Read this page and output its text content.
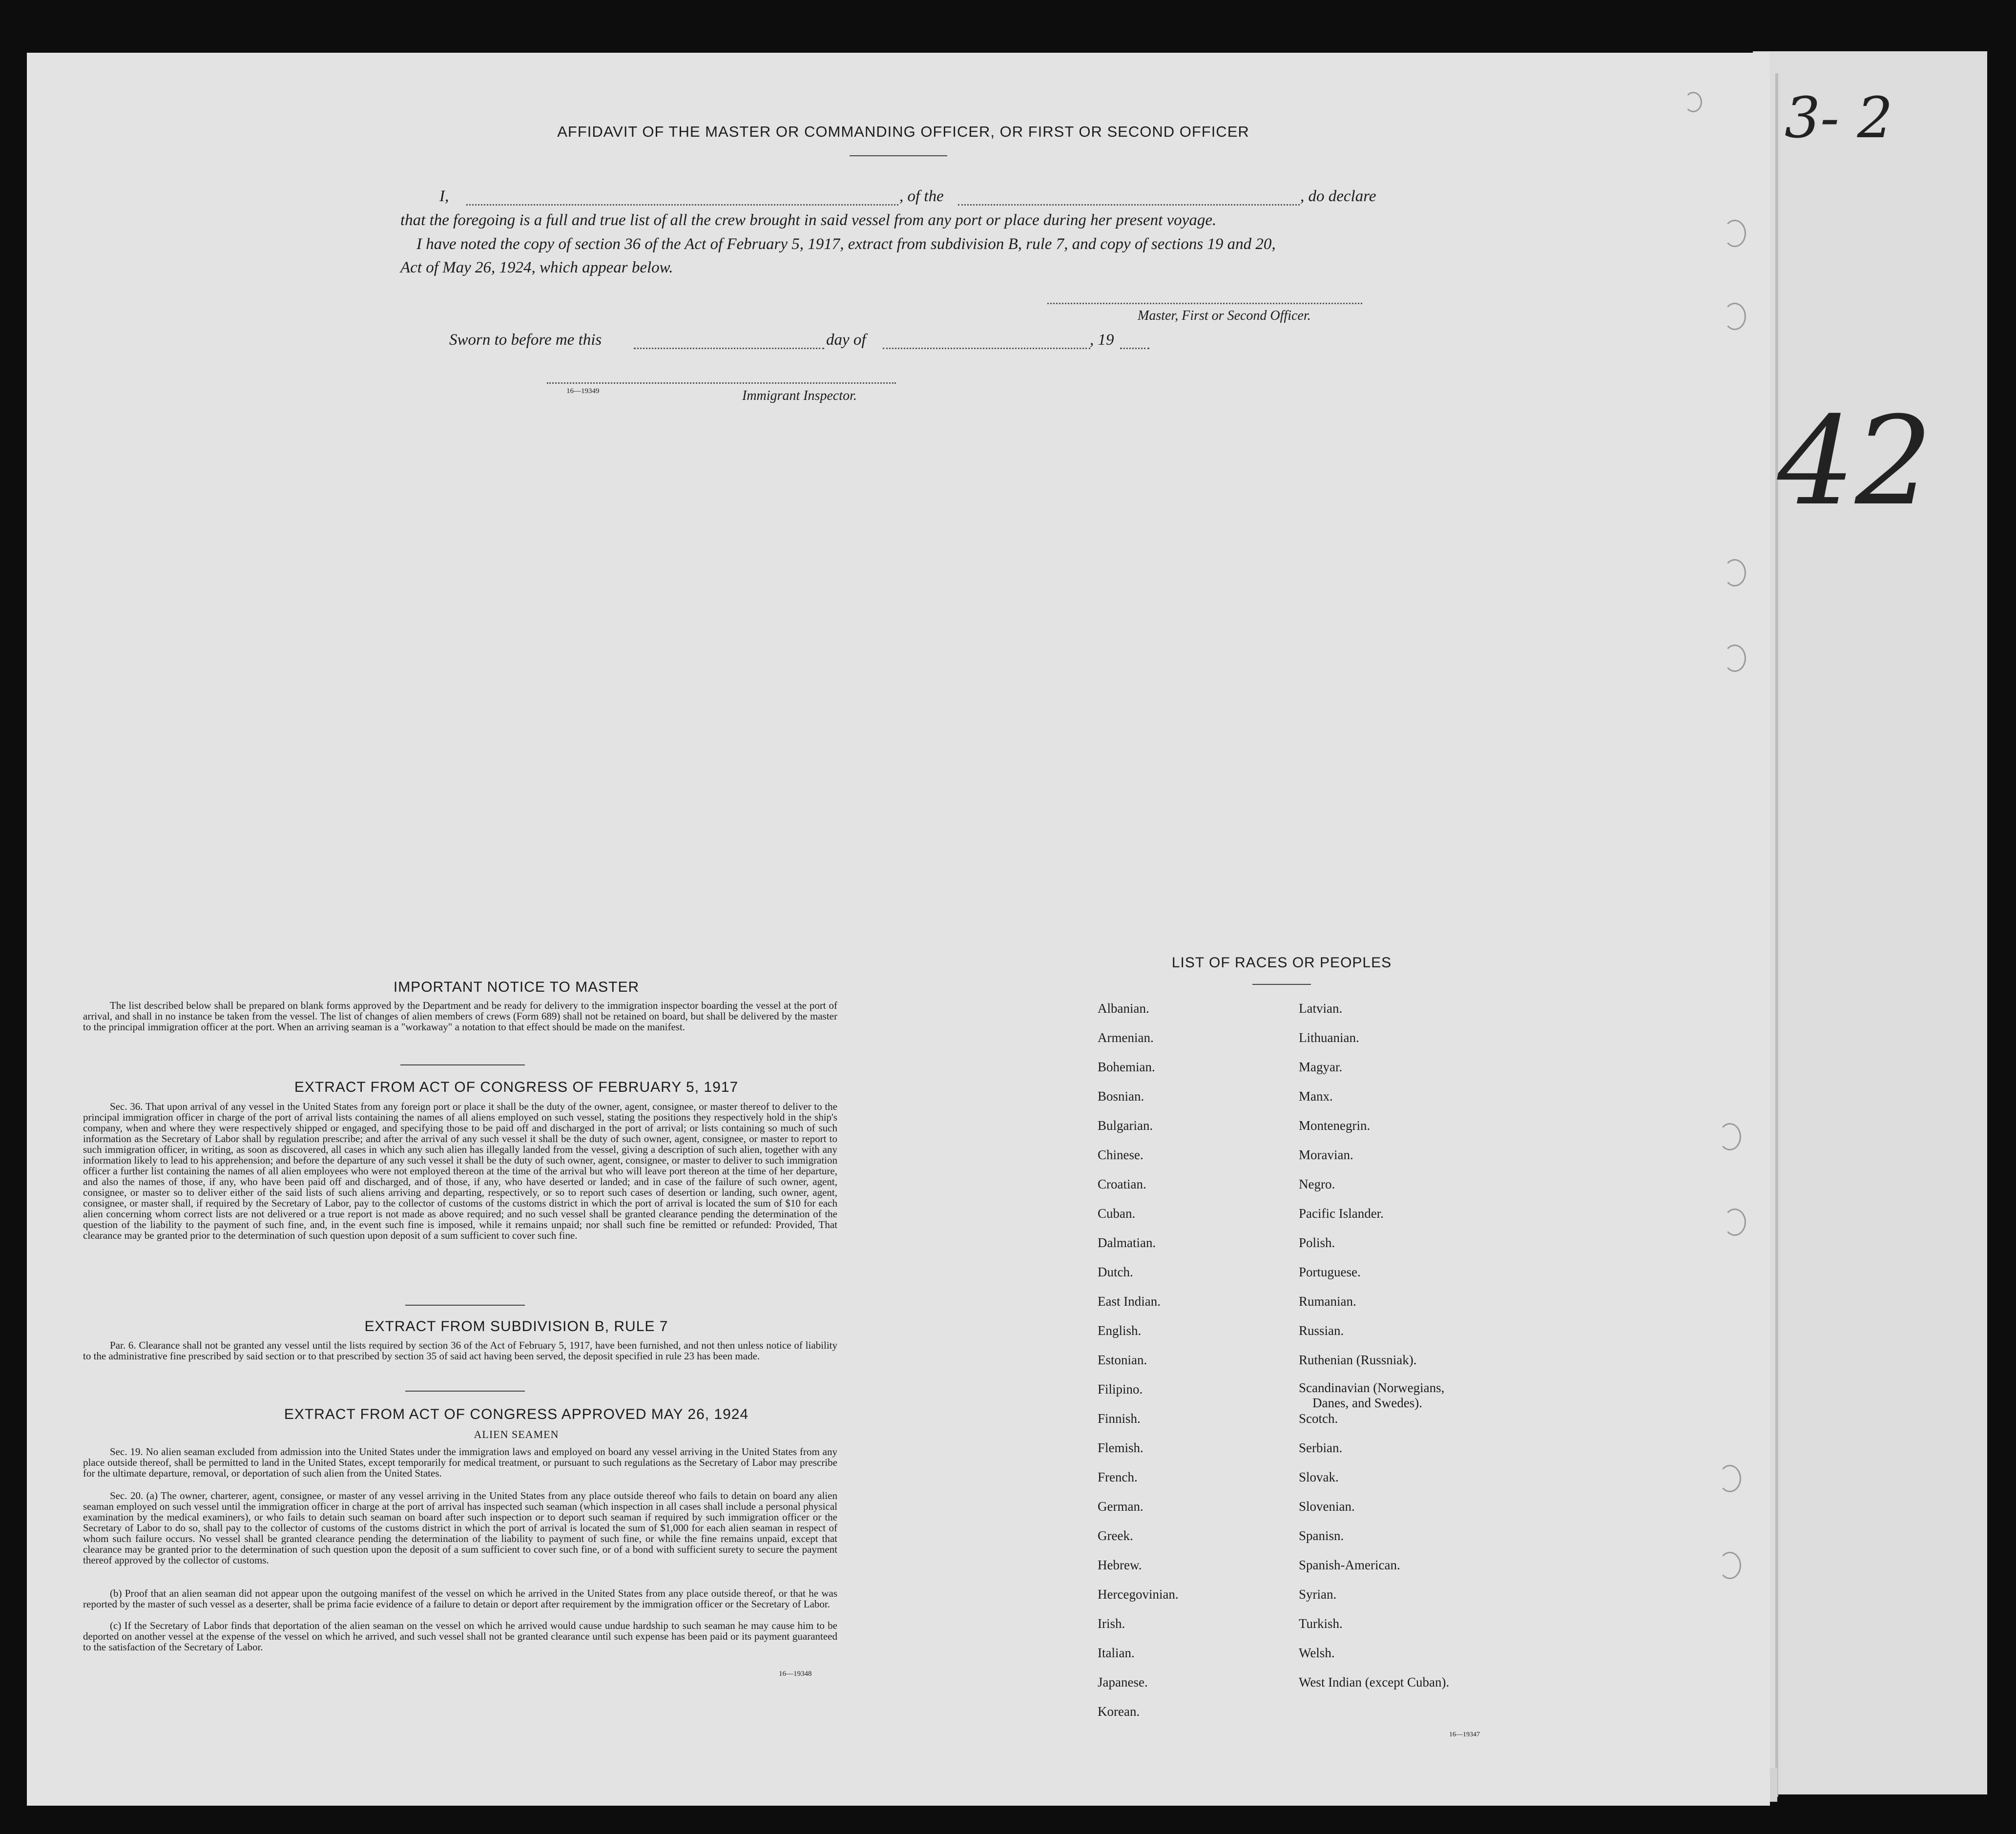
AFFIDAVIT OF THE MASTER OR COMMANDING OFFICER, OR FIRST OR SECOND OFFICER
I,	, of the	, do declare
that the foregoing is a full and true list of all the crew brought in said vessel from any port or place during her present voyage.
I have noted the copy of section 36 of the Act of February 5, 1917, extract from subdivision B, rule 7, and copy of sections 19 and 20,
Act of May 26, 1924, which appear below.
Master, First or Second Officer.
Sworn to before me this	day of	, 19
16—19349	Immigrant Inspector.
IMPORTANT NOTICE TO MASTER
The list described below shall be prepared on blank forms approved by the Department and be ready for delivery to the immigration inspector boarding the vessel at the port of arrival, and shall in no instance be taken from the vessel. The list of changes of alien members of crews (Form 689) shall not be retained on board, but shall be delivered by the master to the principal immigration officer at the port. When an arriving seaman is a "workaway" a notation to that effect should be made on the manifest.
EXTRACT FROM ACT OF CONGRESS OF FEBRUARY 5, 1917
Sec. 36. That upon arrival of any vessel in the United States from any foreign port or place it shall be the duty of the owner, agent, consignee, or master thereof to deliver to the principal immigration officer in charge of the port of arrival lists containing the names of all aliens employed on such vessel, stating the positions they respectively hold in the ship's company, when and where they were respectively shipped or engaged, and specifying those to be paid off and discharged in the port of arrival; or lists containing so much of such information as the Secretary of Labor shall by regulation prescribe; and after the arrival of any such vessel it shall be the duty of such owner, agent, consignee, or master to report to such immigration officer, in writing, as soon as discovered, all cases in which any such alien has illegally landed from the vessel, giving a description of such alien, together with any information likely to lead to his apprehension; and before the departure of any such vessel it shall be the duty of such owner, agent, consignee, or master to deliver to such immigration officer a further list containing the names of all alien employees who were not employed thereon at the time of the arrival but who will leave port thereon at the time of her departure, and also the names of those, if any, who have been paid off and discharged, and of those, if any, who have deserted or landed; and in case of the failure of such owner, agent, consignee, or master so to deliver either of the said lists of such aliens arriving and departing, respectively, or so to report such cases of desertion or landing, such owner, agent, consignee, or master shall, if required by the Secretary of Labor, pay to the collector of customs of the customs district in which the port of arrival is located the sum of $10 for each alien concerning whom correct lists are not delivered or a true report is not made as above required; and no such vessel shall be granted clearance pending the determination of the question of the liability to the payment of such fine, and, in the event such fine is imposed, while it remains unpaid; nor shall such fine be remitted or refunded: Provided, That clearance may be granted prior to the determination of such question upon deposit of a sum sufficient to cover such fine.
EXTRACT FROM SUBDIVISION B, RULE 7
Par. 6. Clearance shall not be granted any vessel until the lists required by section 36 of the Act of February 5, 1917, have been furnished, and not then unless notice of liability to the administrative fine prescribed by said section or to that prescribed by section 35 of said act having been served, the deposit specified in rule 23 has been made.
EXTRACT FROM ACT OF CONGRESS APPROVED MAY 26, 1924
ALIEN SEAMEN
Sec. 19. No alien seaman excluded from admission into the United States under the immigration laws and employed on board any vessel arriving in the United States from any place outside thereof, shall be permitted to land in the United States, except temporarily for medical treatment, or pursuant to such regulations as the Secretary of Labor may prescribe for the ultimate departure, removal, or deportation of such alien from the United States.
Sec. 20. (a) The owner, charterer, agent, consignee, or master of any vessel arriving in the United States from any place outside thereof who fails to detain on board any alien seaman employed on such vessel until the immigration officer in charge at the port of arrival has inspected such seaman (which inspection in all cases shall include a personal physical examination by the medical examiners), or who fails to detain such seaman on board after such inspection or to deport such seaman if required by such immigration officer or the Secretary of Labor to do so, shall pay to the collector of customs of the customs district in which the port of arrival is located the sum of $1,000 for each alien seaman in respect of whom such failure occurs. No vessel shall be granted clearance pending the determination of the liability to payment of such fine, or while the fine remains unpaid, except that clearance may be granted prior to the determination of such question upon the deposit of a sum sufficient to cover such fine, or of a bond with sufficient surety to secure the payment thereof approved by the collector of customs.
(b) Proof that an alien seaman did not appear upon the outgoing manifest of the vessel on which he arrived in the United States from any place outside thereof, or that he was reported by the master of such vessel as a deserter, shall be prima facie evidence of a failure to detain or deport after requirement by the immigration officer or the Secretary of Labor.
(c) If the Secretary of Labor finds that deportation of the alien seaman on the vessel on which he arrived would cause undue hardship to such seaman he may cause him to be deported on another vessel at the expense of the vessel on which he arrived, and such vessel shall not be granted clearance until such expense has been paid or its payment guaranteed to the satisfaction of the Secretary of Labor.
16—19348
LIST OF RACES OR PEOPLES
Albanian.
Armenian.
Bohemian.
Bosnian.
Bulgarian.
Chinese.
Croatian.
Cuban.
Dalmatian.
Dutch.
East Indian.
English.
Estonian.
Filipino.
Finnish.
Flemish.
French.
German.
Greek.
Hebrew.
Hercegovinian.
Irish.
Italian.
Japanese.
Korean.
Latvian.
Lithuanian.
Magyar.
Manx.
Montenegrin.
Moravian.
Negro.
Pacific Islander.
Polish.
Portuguese.
Rumanian.
Russian.
Ruthenian (Russniak).
Scandinavian (Norwegians,
Danes, and Swedes).
Scotch.
Serbian.
Slovak.
Slovenian.
Spanisn.
Spanish-American.
Syrian.
Turkish.
Welsh.
West Indian (except Cuban).
16—19347
3- 2
42
